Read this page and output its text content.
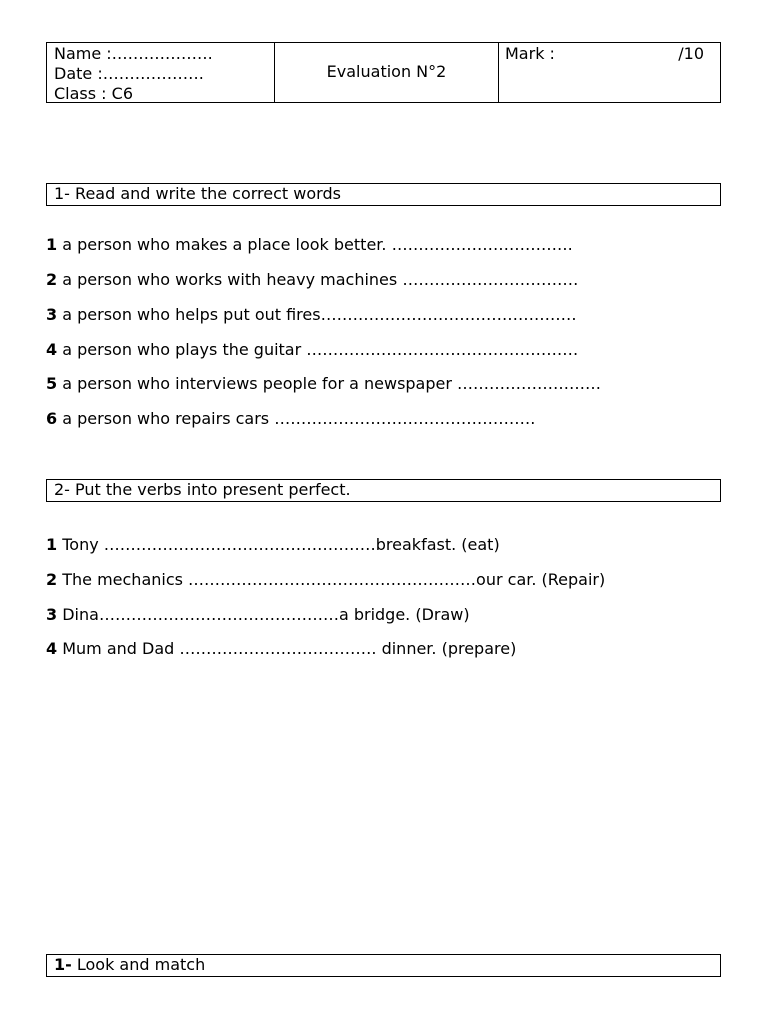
Name :……………….
Date :……………….
Class : C6
Evaluation N°2
Mark :	/10
1- Read and write the correct words
1 a person who makes a place look better. …………………………….
2 a person who works with heavy machines ……………………………
3 a person who helps put out fires…………………………………………
4 a person who plays the guitar ……………………………………………
5 a person who interviews people for a newspaper ………………………
6 a person who repairs cars ………………………………………….
2- Put the verbs into present perfect.
1 Tony ……………………………………………breakfast. (eat)
2 The mechanics ………………………………………………our car. (Repair)
3 Dina………………………………………a bridge. (Draw)
4 Mum and Dad ………………………………. dinner. (prepare)
1- Look and match
